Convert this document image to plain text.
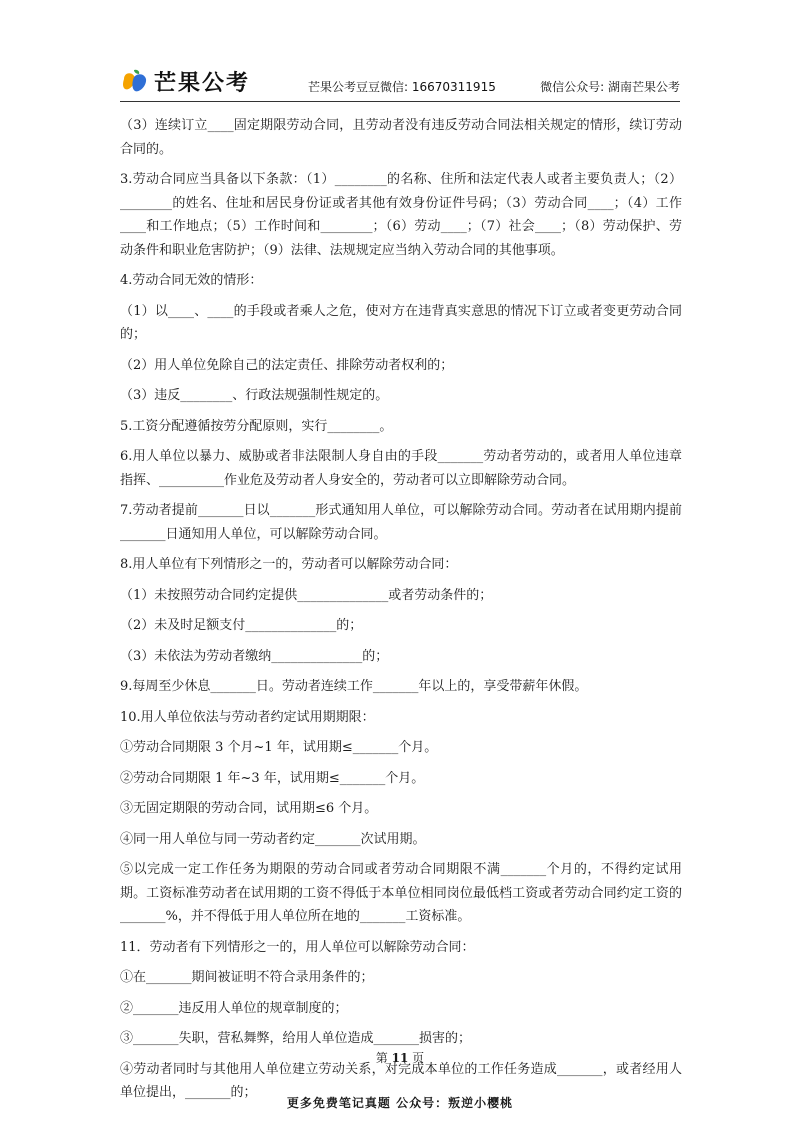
芒果公考	芒果公考豆豆微信: 16670311915	微信公众号: 湖南芒果公考

（3）连续订立____固定期限劳动合同，且劳动者没有违反劳动合同法相关规定的情形，续订劳动合同的。

3.劳动合同应当具备以下条款：（1）________的名称、住所和法定代表人或者主要负责人；（2）________的姓名、住址和居民身份证或者其他有效身份证件号码；（3）劳动合同____；（4）工作____和工作地点；（5）工作时间和________；（6）劳动____；（7）社会____；（8）劳动保护、劳动条件和职业危害防护；（9）法律、法规规定应当纳入劳动合同的其他事项。

4.劳动合同无效的情形：

（1）以____、____的手段或者乘人之危，使对方在违背真实意思的情况下订立或者变更劳动合同的；

（2）用人单位免除自己的法定责任、排除劳动者权利的；

（3）违反________、行政法规强制性规定的。

5.工资分配遵循按劳分配原则，实行________。

6.用人单位以暴力、威胁或者非法限制人身自由的手段_______劳动者劳动的，或者用人单位违章指挥、__________作业危及劳动者人身安全的，劳动者可以立即解除劳动合同。

7.劳动者提前_______日以_______形式通知用人单位，可以解除劳动合同。劳动者在试用期内提前_______日通知用人单位，可以解除劳动合同。

8.用人单位有下列情形之一的，劳动者可以解除劳动合同：

（1）未按照劳动合同约定提供______________或者劳动条件的；

（2）未及时足额支付______________的；

（3）未依法为劳动者缴纳______________的；

9.每周至少休息_______日。劳动者连续工作_______年以上的，享受带薪年休假。

10.用人单位依法与劳动者约定试用期期限：

①劳动合同期限 3 个月~1 年，试用期≤_______个月。

②劳动合同期限 1 年~3 年，试用期≤_______个月。

③无固定期限的劳动合同，试用期≤6 个月。

④同一用人单位与同一劳动者约定_______次试用期。

⑤以完成一定工作任务为期限的劳动合同或者劳动合同期限不满_______个月的，不得约定试用期。工资标准劳动者在试用期的工资不得低于本单位相同岗位最低档工资或者劳动合同约定工资的_______%，并不得低于用人单位所在地的_______工资标准。

11．劳动者有下列情形之一的，用人单位可以解除劳动合同：

①在_______期间被证明不符合录用条件的；

②_______违反用人单位的规章制度的；

③_______失职，营私舞弊，给用人单位造成_______损害的；

④劳动者同时与其他用人单位建立劳动关系，对完成本单位的工作任务造成_______，或者经用人单位提出，_______的；

第 11 页
更多免费笔记真题 公众号：叛逆小樱桃
